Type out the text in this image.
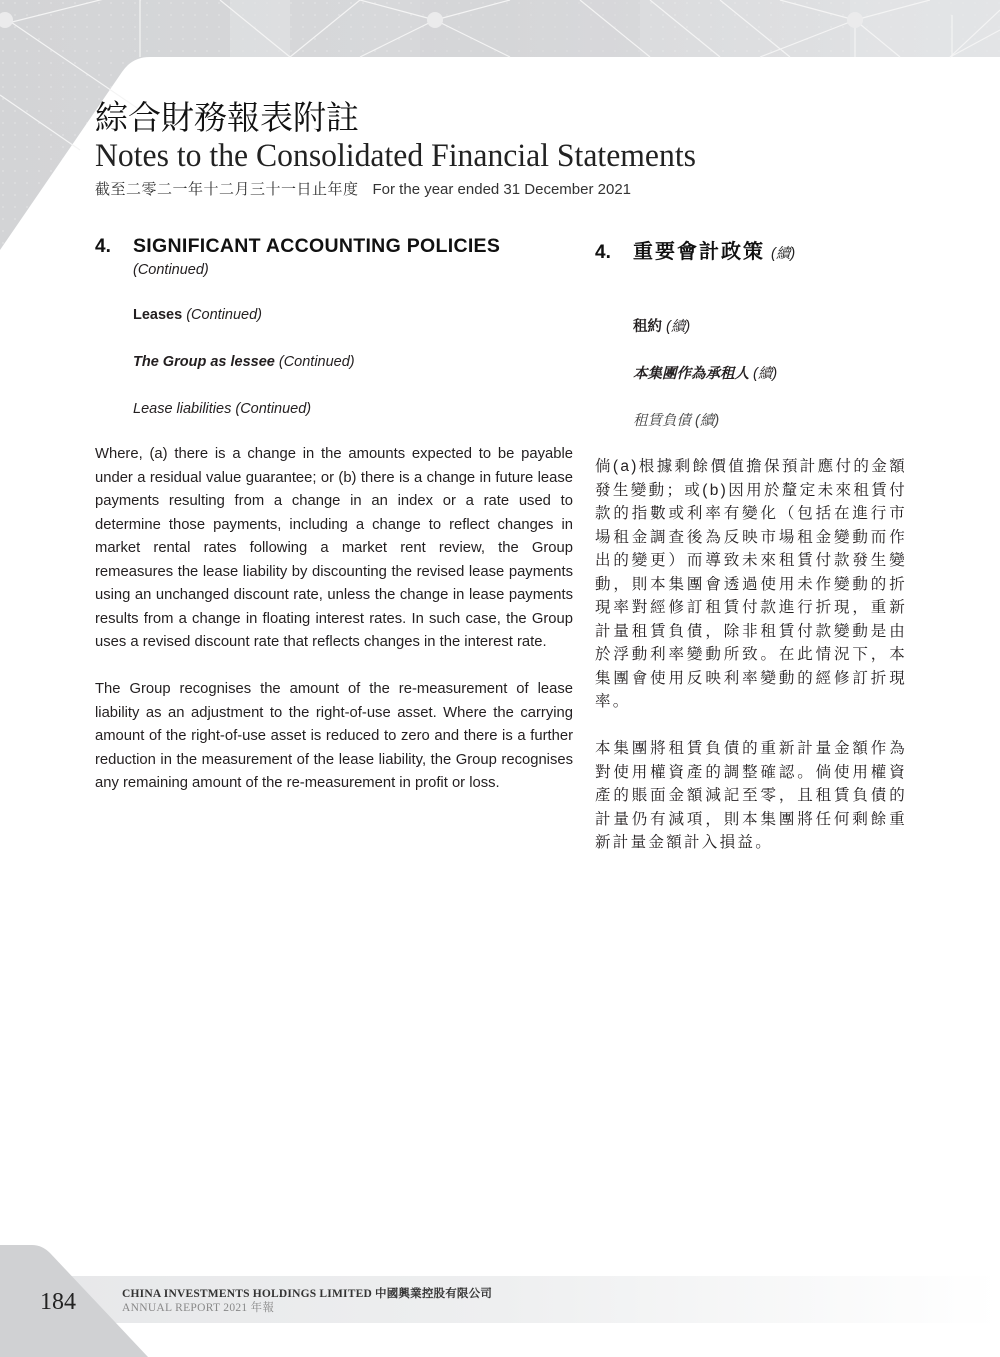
綜合財務報表附註
Notes to the Consolidated Financial Statements
截至二零二一年十二月三十一日止年度 For the year ended 31 December 2021
4.	SIGNIFICANT ACCOUNTING POLICIES
(Continued)
Leases (Continued)
The Group as lessee (Continued)
Lease liabilities (Continued)

Where, (a) there is a change in the amounts expected to be payable under a residual value guarantee; or (b) there is a change in future lease payments resulting from a change in an index or a rate used to determine those payments, including a change to reflect changes in market rental rates following a market rent review, the Group remeasures the lease liability by discounting the revised lease payments using an unchanged discount rate, unless the change in lease payments results from a change in floating interest rates. In such case, the Group uses a revised discount rate that reflects changes in the interest rate.

The Group recognises the amount of the re-measurement of lease liability as an adjustment to the right-of-use asset. Where the carrying amount of the right-of-use asset is reduced to zero and there is a further reduction in the measurement of the lease liability, the Group recognises any remaining amount of the re-measurement in profit or loss.

4.	重要會計政策 (續)
租約 (續)
本集團作為承租人 (續)
租賃負債 (續)

倘(a)根據剩餘價值擔保預計應付的金額發生變動；或(b)因用於釐定未來租賃付款的指數或利率有變化（包括在進行市場租金調查後為反映市場租金變動而作出的變更）而導致未來租賃付款發生變動，則本集團會透過使用未作變動的折現率對經修訂租賃付款進行折現，重新計量租賃負債，除非租賃付款變動是由於浮動利率變動所致。在此情況下，本集團會使用反映利率變動的經修訂折現率。

本集團將租賃負債的重新計量金額作為對使用權資產的調整確認。倘使用權資產的賬面金額減記至零，且租賃負債的計量仍有減項，則本集團將任何剩餘重新計量金額計入損益。

184	CHINA INVESTMENTS HOLDINGS LIMITED 中國興業控股有限公司
ANNUAL REPORT 2021 年報
